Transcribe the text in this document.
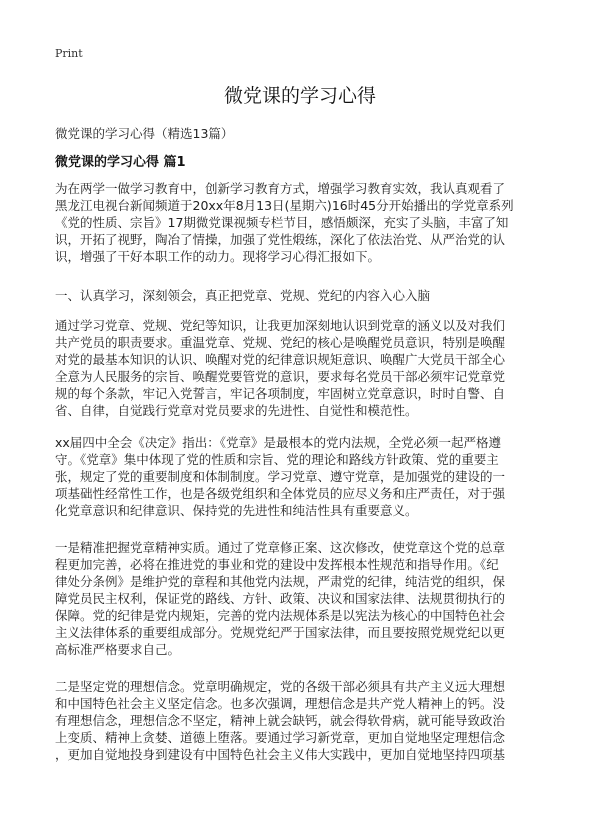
Print
微党课的学习心得
微党课的学习心得（精选13篇）
微党课的学习心得 篇1
为在两学一做学习教育中，创新学习教育方式，增强学习教育实效，我认真观看了
黑龙江电视台新闻频道于20xx年8月13日(星期六)16时45分开始播出的学党章系列
《党的性质、宗旨》17期微党课视频专栏节目，感悟颇深，充实了头脑，丰富了知
识，开拓了视野，陶冶了情操，加强了党性煅练，深化了依法治党、从严治党的认
识，增强了干好本职工作的动力。现将学习心得汇报如下。
一、认真学习，深刻领会，真正把党章、党规、党纪的内容入心入脑
通过学习党章、党规、党纪等知识，让我更加深刻地认识到党章的涵义以及对我们
共产党员的职责要求。重温党章、党规、党纪的核心是唤醒党员意识，特别是唤醒
对党的最基本知识的认识、唤醒对党的纪律意识规矩意识、唤醒广大党员干部全心
全意为人民服务的宗旨、唤醒党要管党的意识，要求每名党员干部必须牢记党章党
规的每个条款，牢记入党誓言，牢记各项制度，牢固树立党章意识，时时自警、自
省、自律，自觉践行党章对党员要求的先进性、自觉性和模范性。
xx届四中全会《决定》指出：《党章》是最根本的党内法规，全党必须一起严格遵
守。《党章》集中体现了党的性质和宗旨、党的理论和路线方针政策、党的重要主
张，规定了党的重要制度和体制制度。学习党章、遵守党章，是加强党的建设的一
项基础性经常性工作，也是各级党组织和全体党员的应尽义务和庄严责任，对于强
化党章意识和纪律意识、保持党的先进性和纯洁性具有重要意义。
一是精准把握党章精神实质。通过了党章修正案、这次修改，使党章这个党的总章
程更加完善，必将在推进党的事业和党的建设中发挥根本性规范和指导作用。《纪
律处分条例》是维护党的章程和其他党内法规，严肃党的纪律，纯洁党的组织，保
障党员民主权利，保证党的路线、方针、政策、决议和国家法律、法规贯彻执行的
保障。党的纪律是党内规矩，完善的党内法规体系是以宪法为核心的中国特色社会
主义法律体系的重要组成部分。党规党纪严于国家法律，而且要按照党规党纪以更
高标准严格要求自己。
二是坚定党的理想信念。党章明确规定，党的各级干部必须具有共产主义远大理想
和中国特色社会主义坚定信念。也多次强调，理想信念是共产党人精神上的钙。没
有理想信念，理想信念不坚定，精神上就会缺钙，就会得软骨病，就可能导致政治
上变质、精神上贪婪、道德上堕落。要通过学习新党章，更加自觉地坚定理想信念
，更加自觉地投身到建设有中国特色社会主义伟大实践中，更加自觉地坚持四项基
